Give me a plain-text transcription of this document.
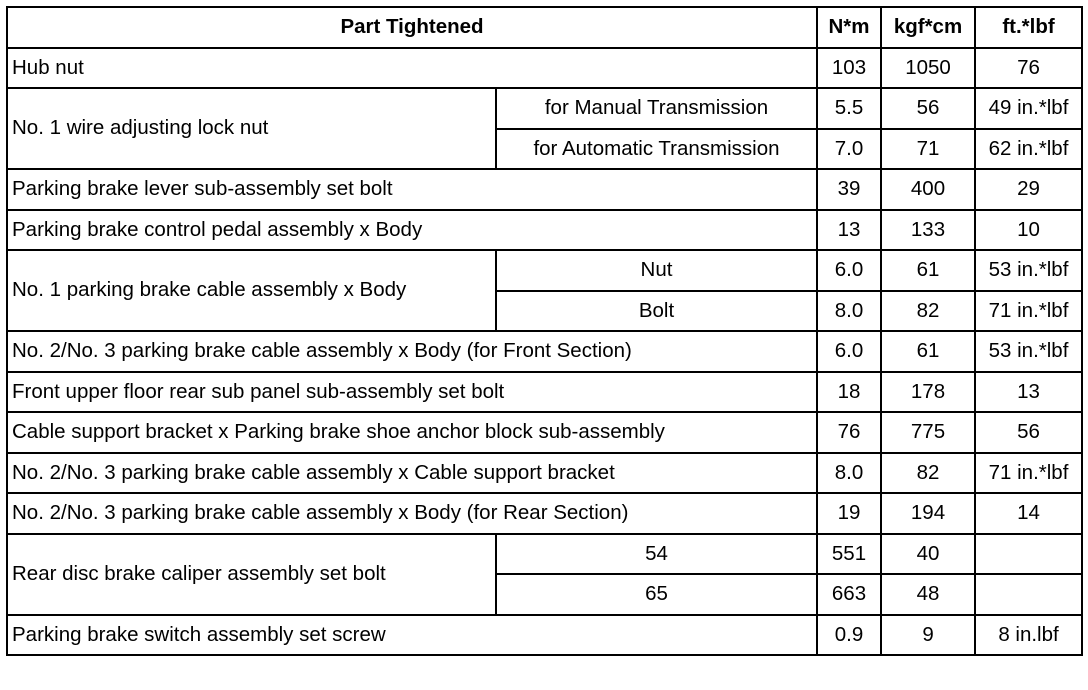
Part Tightened		N*m	kgf*cm	ft.*lbf
Hub nut		103	1050	76
No. 1 wire adjusting lock nut	for Manual Transmission	5.5	56	49 in.*lbf
	for Automatic Transmission	7.0	71	62 in.*lbf
Parking brake lever sub-assembly set bolt		39	400	29
Parking brake control pedal assembly x Body		13	133	10
No. 1 parking brake cable assembly x Body	Nut	6.0	61	53 in.*lbf
	Bolt	8.0	82	71 in.*lbf
No. 2/No. 3 parking brake cable assembly x Body (for Front Section)		6.0	61	53 in.*lbf
Front upper floor rear sub panel sub-assembly set bolt		18	178	13
Cable support bracket x Parking brake shoe anchor block sub-assembly		76	775	56
No. 2/No. 3 parking brake cable assembly x Cable support bracket		8.0	82	71 in.*lbf
No. 2/No. 3 parking brake cable assembly x Body (for Rear Section)		19	194	14
Rear disc brake caliper assembly set bolt	54	551	40	
	65	663	48	
Parking brake switch assembly set screw		0.9	9	8 in.lbf
